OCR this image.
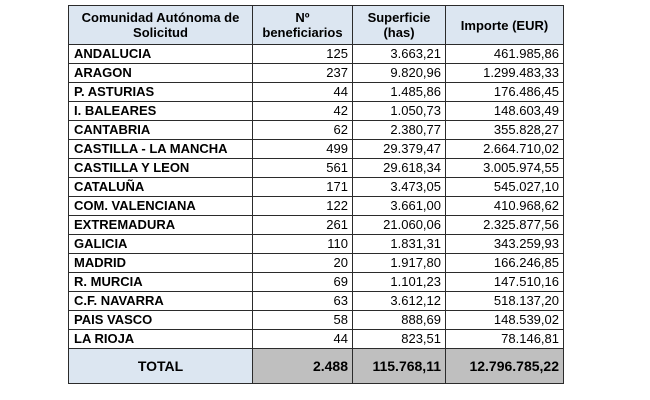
Comunidad Autónoma de Solicitud	Nº beneficiarios	Superficie (has)	Importe (EUR)
ANDALUCIA	125	3.663,21	461.985,86
ARAGON	237	9.820,96	1.299.483,33
P. ASTURIAS	44	1.485,86	176.486,45
I. BALEARES	42	1.050,73	148.603,49
CANTABRIA	62	2.380,77	355.828,27
CASTILLA - LA MANCHA	499	29.379,47	2.664.710,02
CASTILLA Y LEON	561	29.618,34	3.005.974,55
CATALUÑA	171	3.473,05	545.027,10
COM. VALENCIANA	122	3.661,00	410.968,62
EXTREMADURA	261	21.060,06	2.325.877,56
GALICIA	110	1.831,31	343.259,93
MADRID	20	1.917,80	166.246,85
R. MURCIA	69	1.101,23	147.510,16
C.F. NAVARRA	63	3.612,12	518.137,20
PAIS VASCO	58	888,69	148.539,02
LA RIOJA	44	823,51	78.146,81
TOTAL	2.488	115.768,11	12.796.785,22
